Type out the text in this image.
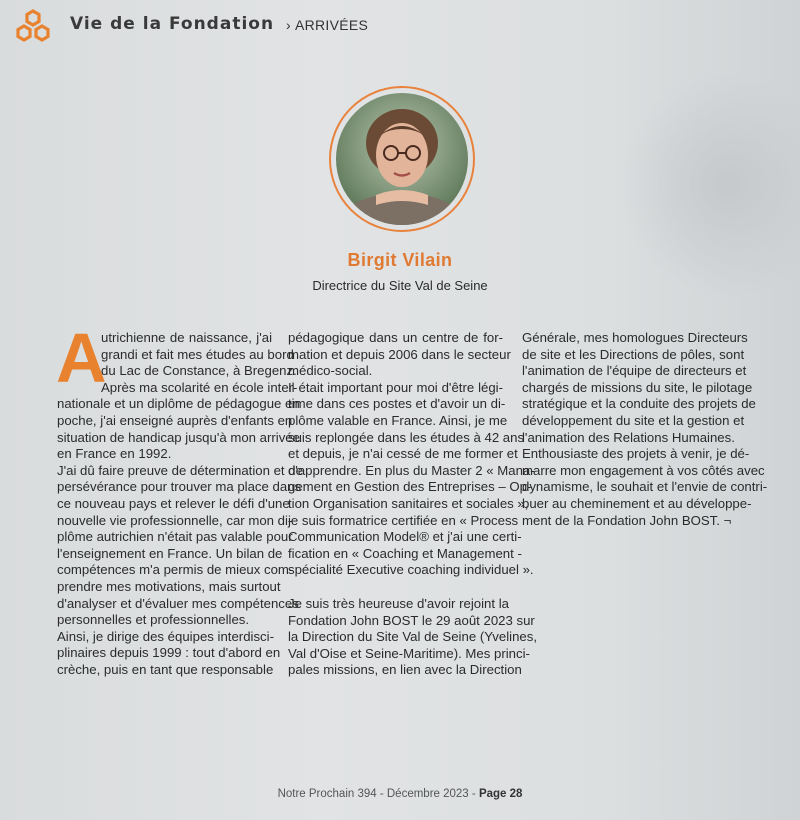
Vie de la Fondation › ARRIVÉES
Birgit Vilain
Directrice du Site Val de Seine
A
utrichienne de naissance, j'ai
grandi et fait mes études au bord
du Lac de Constance, à Bregenz.
Après ma scolarité en école inter-
nationale et un diplôme de pédagogue en
poche, j'ai enseigné auprès d'enfants en
situation de handicap jusqu'à mon arrivée
en France en 1992.
J'ai dû faire preuve de détermination et de
persévérance pour trouver ma place dans
ce nouveau pays et relever le défi d'une
nouvelle vie professionnelle, car mon di-
plôme autrichien n'était pas valable pour
l'enseignement en France. Un bilan de
compétences m'a permis de mieux com-
prendre mes motivations, mais surtout
d'analyser et d'évaluer mes compétences
personnelles et professionnelles.
Ainsi, je dirige des équipes interdisci-
plinaires depuis 1999 : tout d'abord en
crèche, puis en tant que responsable
pédagogique dans un centre de for-
mation et depuis 2006 dans le secteur
médico-social.
Il était important pour moi d'être légi-
time dans ces postes et d'avoir un di-
plôme valable en France. Ainsi, je me
suis replongée dans les études à 42 ans
et depuis, je n'ai cessé de me former et
d'apprendre. En plus du Master 2 « Mana-
gement en Gestion des Entreprises – Op-
tion Organisation sanitaires et sociales »,
je suis formatrice certifiée en « Process
Communication Model® et j'ai une certi-
fication en « Coaching et Management -
spécialité Executive coaching individuel ».
Je suis très heureuse d'avoir rejoint la
Fondation John BOST le 29 août 2023 sur
la Direction du Site Val de Seine (Yvelines,
Val d'Oise et Seine-Maritime). Mes princi-
pales missions, en lien avec la Direction
Générale, mes homologues Directeurs
de site et les Directions de pôles, sont
l'animation de l'équipe de directeurs et
chargés de missions du site, le pilotage
stratégique et la conduite des projets de
développement du site et la gestion et
l'animation des Relations Humaines.
Enthousiaste des projets à venir, je dé-
marre mon engagement à vos côtés avec
dynamisme, le souhait et l'envie de contri-
buer au cheminement et au développe-
ment de la Fondation John BOST. ¬
Notre Prochain 394 - Décembre 2023 - Page 28
